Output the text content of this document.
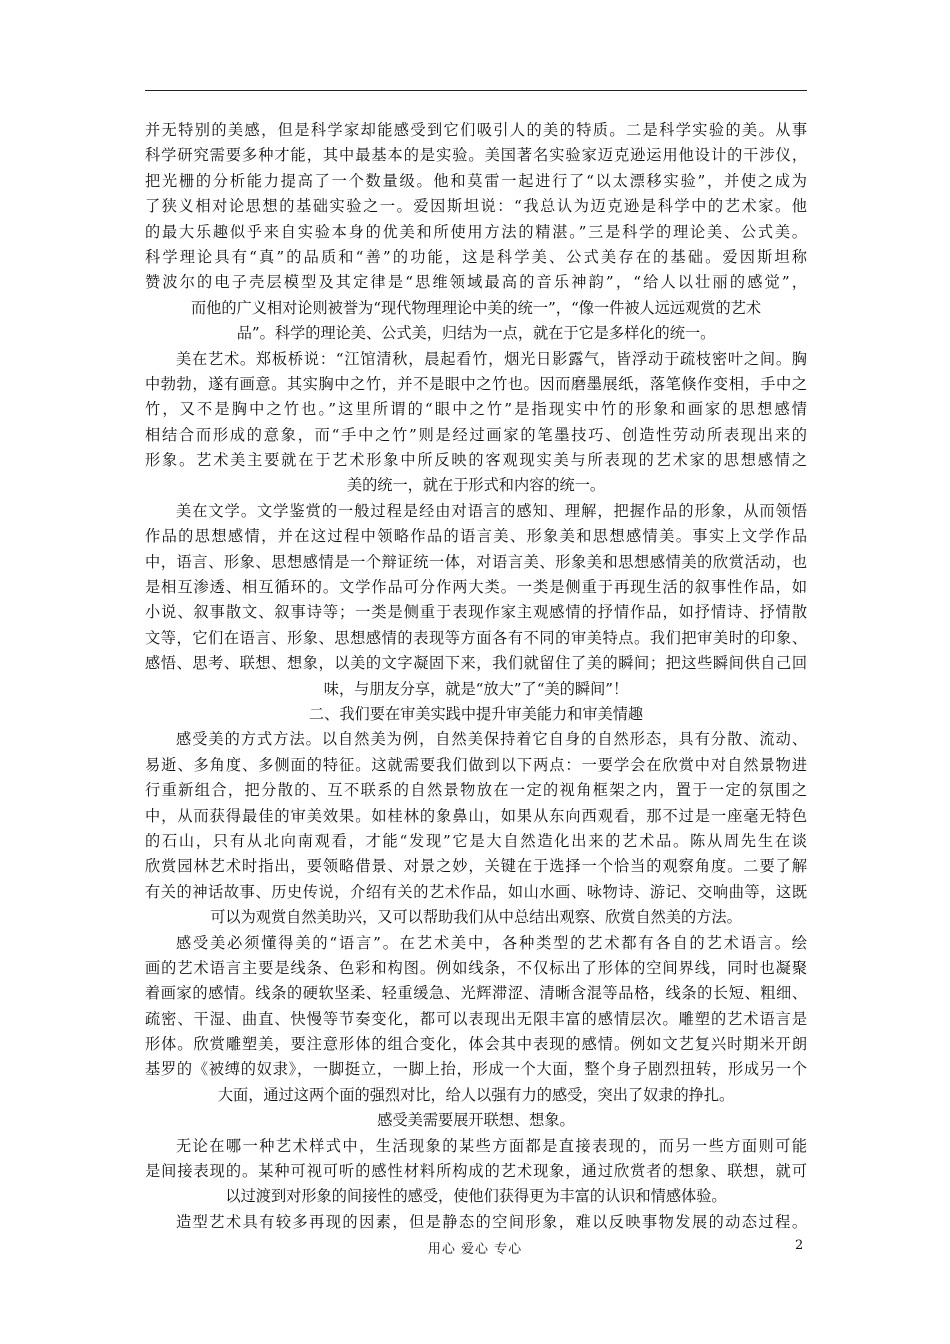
并无特别的美感，但是科学家却能感受到它们吸引人的美的特质。二是科学实验的美。从事
科学研究需要多种才能，其中最基本的是实验。美国著名实验家迈克逊运用他设计的干涉仪，
把光栅的分析能力提高了一个数量级。他和莫雷一起进行了“以太漂移实验”，并使之成为
了狭义相对论思想的基础实验之一。爱因斯坦说：“我总认为迈克逊是科学中的艺术家。他
的最大乐趣似乎来自实验本身的优美和所使用方法的精湛。”三是科学的理论美、公式美。
科学理论具有“真”的品质和“善”的功能，这是科学美、公式美存在的基础。爱因斯坦称
赞波尔的电子壳层模型及其定律是“思维领域最高的音乐神韵”，“给人以壮丽的感觉”，
而他的广义相对论则被誉为“现代物理理论中美的统一”，“像一件被人远远观赏的艺术
品”。科学的理论美、公式美，归结为一点，就在于它是多样化的统一。
美在艺术。郑板桥说：“江馆清秋，晨起看竹，烟光日影露气，皆浮动于疏枝密叶之间。胸
中勃勃，遂有画意。其实胸中之竹，并不是眼中之竹也。因而磨墨展纸，落笔倏作变相，手中之
竹，又不是胸中之竹也。”这里所谓的“眼中之竹”是指现实中竹的形象和画家的思想感情
相结合而形成的意象，而“手中之竹”则是经过画家的笔墨技巧、创造性劳动所表现出来的
形象。艺术美主要就在于艺术形象中所反映的客观现实美与所表现的艺术家的思想感情之
美的统一，就在于形式和内容的统一。
美在文学。文学鉴赏的一般过程是经由对语言的感知、理解，把握作品的形象，从而领悟
作品的思想感情，并在这过程中领略作品的语言美、形象美和思想感情美。事实上文学作品
中，语言、形象、思想感情是一个辩证统一体，对语言美、形象美和思想感情美的欣赏活动，也
是相互渗透、相互循环的。文学作品可分作两大类。一类是侧重于再现生活的叙事性作品，如
小说、叙事散文、叙事诗等；一类是侧重于表现作家主观感情的抒情作品，如抒情诗、抒情散
文等，它们在语言、形象、思想感情的表现等方面各有不同的审美特点。我们把审美时的印象、
感悟、思考、联想、想象，以美的文字凝固下来，我们就留住了美的瞬间；把这些瞬间供自己回
味，与朋友分享，就是“放大”了“美的瞬间”！
二、我们要在审美实践中提升审美能力和审美情趣
感受美的方式方法。以自然美为例，自然美保持着它自身的自然形态，具有分散、流动、
易逝、多角度、多侧面的特征。这就需要我们做到以下两点：一要学会在欣赏中对自然景物进
行重新组合，把分散的、互不联系的自然景物放在一定的视角框架之内，置于一定的氛围之
中，从而获得最佳的审美效果。如桂林的象鼻山，如果从东向西观看，那不过是一座毫无特色
的石山，只有从北向南观看，才能“发现”它是大自然造化出来的艺术品。陈从周先生在谈
欣赏园林艺术时指出，要领略借景、对景之妙，关键在于选择一个恰当的观察角度。二要了解
有关的神话故事、历史传说，介绍有关的艺术作品，如山水画、咏物诗、游记、交响曲等，这既
可以为观赏自然美助兴，又可以帮助我们从中总结出观察、欣赏自然美的方法。
感受美必须懂得美的“语言”。在艺术美中，各种类型的艺术都有各自的艺术语言。绘
画的艺术语言主要是线条、色彩和构图。例如线条，不仅标出了形体的空间界线，同时也凝聚
着画家的感情。线条的硬软坚柔、轻重缓急、光辉滞涩、清晰含混等品格，线条的长短、粗细、
疏密、干湿、曲直、快慢等节奏变化，都可以表现出无限丰富的感情层次。雕塑的艺术语言是
形体。欣赏雕塑美，要注意形体的组合变化，体会其中表现的感情。例如文艺复兴时期米开朗
基罗的《被缚的奴隶》，一脚挺立，一脚上抬，形成一个大面，整个身子剧烈扭转，形成另一个
大面，通过这两个面的强烈对比，给人以强有力的感受，突出了奴隶的挣扎。
感受美需要展开联想、想象。
无论在哪一种艺术样式中，生活现象的某些方面都是直接表现的，而另一些方面则可能
是间接表现的。某种可视可听的感性材料所构成的艺术现象，通过欣赏者的想象、联想，就可
以过渡到对形象的间接性的感受，使他们获得更为丰富的认识和情感体验。
造型艺术具有较多再现的因素，但是静态的空间形象，难以反映事物发展的动态过程。
用心 爱心 专心	2
